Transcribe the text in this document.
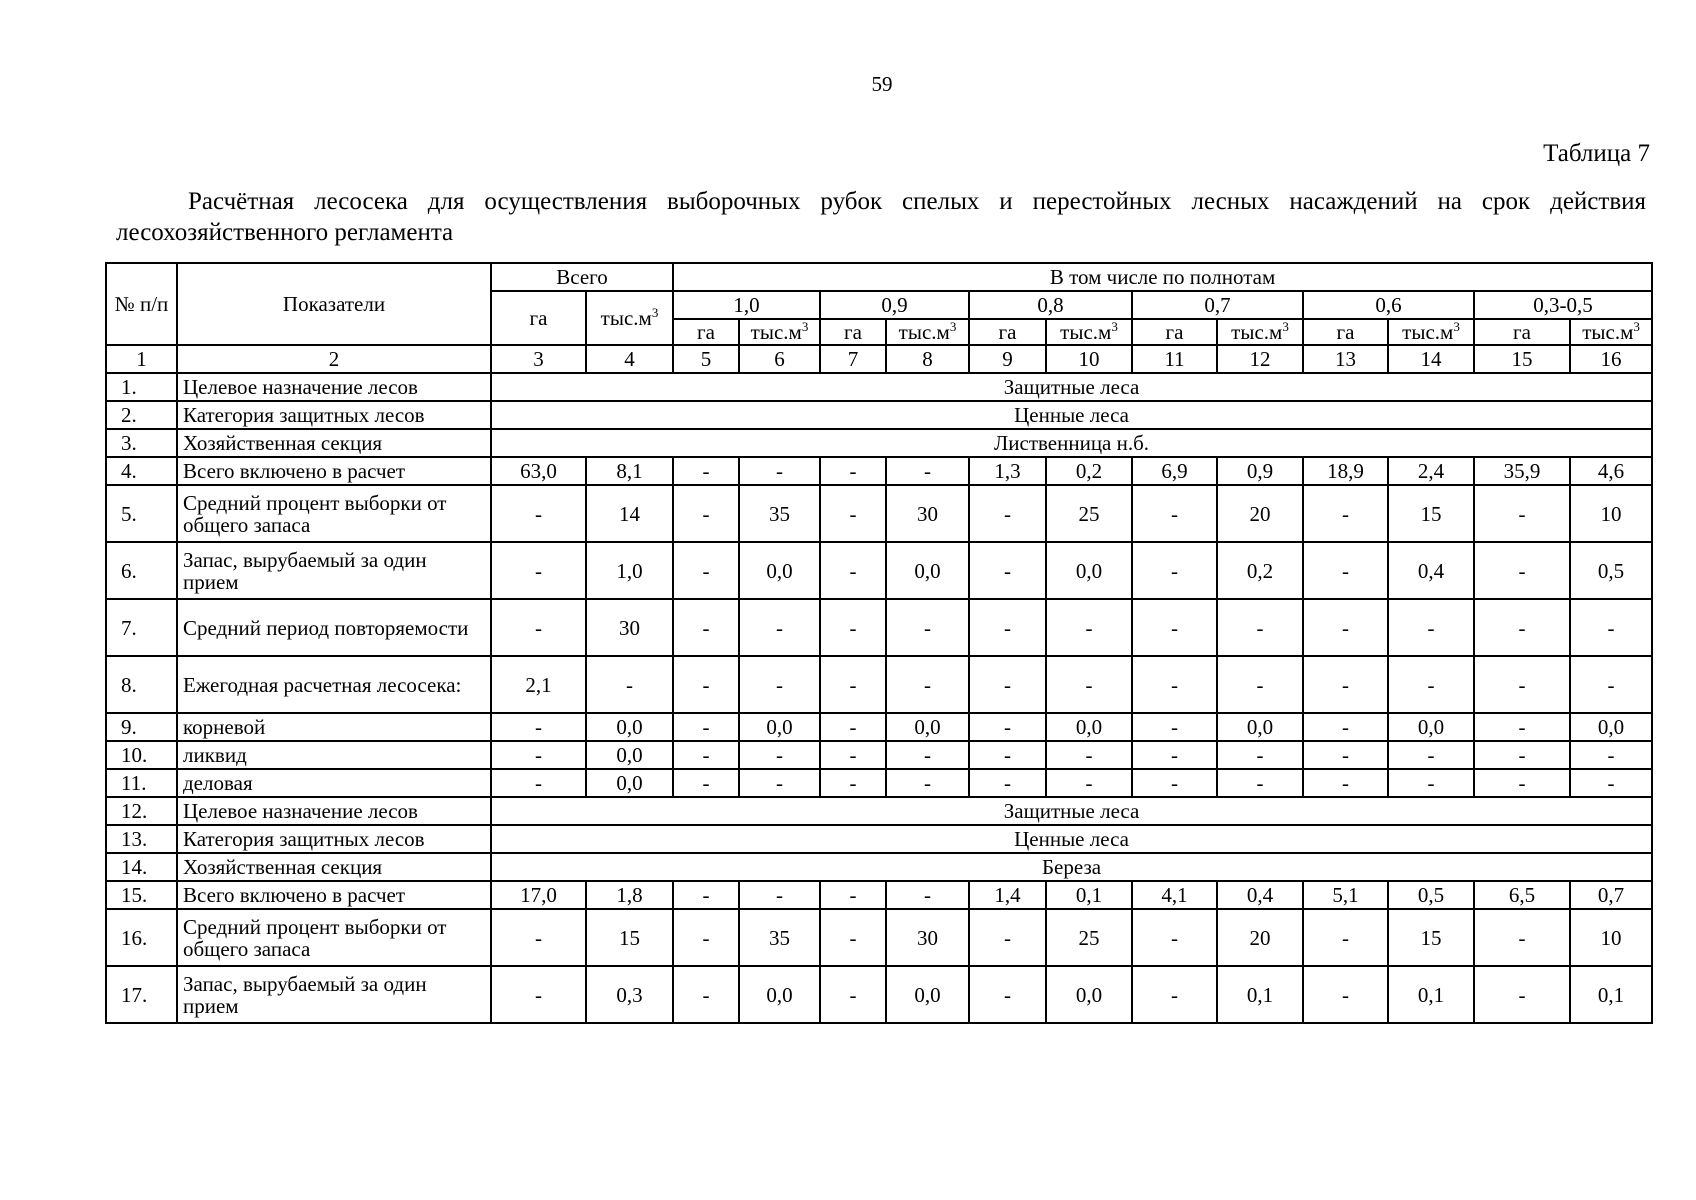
59
Таблица 7
Расчётная лесосека для осуществления выборочных рубок спелых и перестойных лесных насаждений на срок действия лесохозяйственного регламента
№ п/п	Показатели	Всего		В том числе по полнотам											
		га	$тыс.м^3$	1,0		0,9		0,8		0,7		0,6		0,3-0,5	
				га	$тыс.м^3$	га	$тыс.м^3$	га	$тыс.м^3$	га	$тыс.м^3$	га	$тыс.м^3$	га	$тыс.м^3$
1	2	3	4	5	6	7	8	9	10	11	12	13	14	15	16
1.	Целевое назначение лесов	Защитные леса													
2.	Категория защитных лесов	Ценные леса													
3.	Хозяйственная секция	Лиственница н.б.													
4.	Всего включено в расчет	63,0	8,1	-	-	-	-	1,3	0,2	6,9	0,9	18,9	2,4	35,9	4,6
5.	Средний процент выборки от общего запаса	-	14	-	35	-	30	-	25	-	20	-	15	-	10
6.	Запас, вырубаемый за один прием	-	1,0	-	0,0	-	0,0	-	0,0	-	0,2	-	0,4	-	0,5
7.	Средний период повторяемости	-	30	-	-	-	-	-	-	-	-	-	-	-	-
8.	Ежегодная расчетная лесосека:	2,1	-	-	-	-	-	-	-	-	-	-	-	-	-
9.	корневой	-	0,0	-	0,0	-	0,0	-	0,0	-	0,0	-	0,0	-	0,0
10.	ликвид	-	0,0	-	-	-	-	-	-	-	-	-	-	-	-
11.	деловая	-	0,0	-	-	-	-	-	-	-	-	-	-	-	-
12.	Целевое назначение лесов	Защитные леса													
13.	Категория защитных лесов	Ценные леса													
14.	Хозяйственная секция	Береза													
15.	Всего включено в расчет	17,0	1,8	-	-	-	-	1,4	0,1	4,1	0,4	5,1	0,5	6,5	0,7
16.	Средний процент выборки от общего запаса	-	15	-	35	-	30	-	25	-	20	-	15	-	10
17.	Запас, вырубаемый за один прием	-	0,3	-	0,0	-	0,0	-	0,0	-	0,1	-	0,1	-	0,1
